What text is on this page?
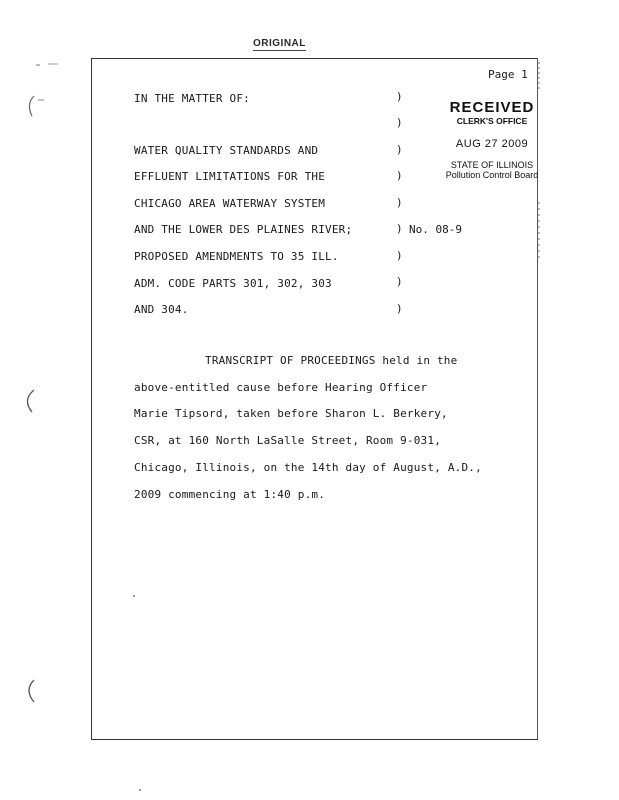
ORIGINAL
Page 1
IN THE MATTER OF:
WATER QUALITY STANDARDS AND
EFFLUENT LIMITATIONS FOR THE
CHICAGO AREA WATERWAY SYSTEM
AND THE LOWER DES PLAINES RIVER;
PROPOSED AMENDMENTS TO 35 ILL.
ADM. CODE PARTS 301, 302, 303
AND 304.
)
)
)
)
)
)
)
)
)
No. 08-9
RECEIVED
CLERK'S OFFICE
AUG 27 2009
STATE OF ILLINOIS
Pollution Control Board
TRANSCRIPT OF PROCEEDINGS held in the
above-entitled cause before Hearing Officer
Marie Tipsord, taken before Sharon L. Berkery,
CSR, at 160 North LaSalle Street, Room 9-031,
Chicago, Illinois, on the 14th day of August, A.D.,
2009 commencing at 1:40 p.m.
